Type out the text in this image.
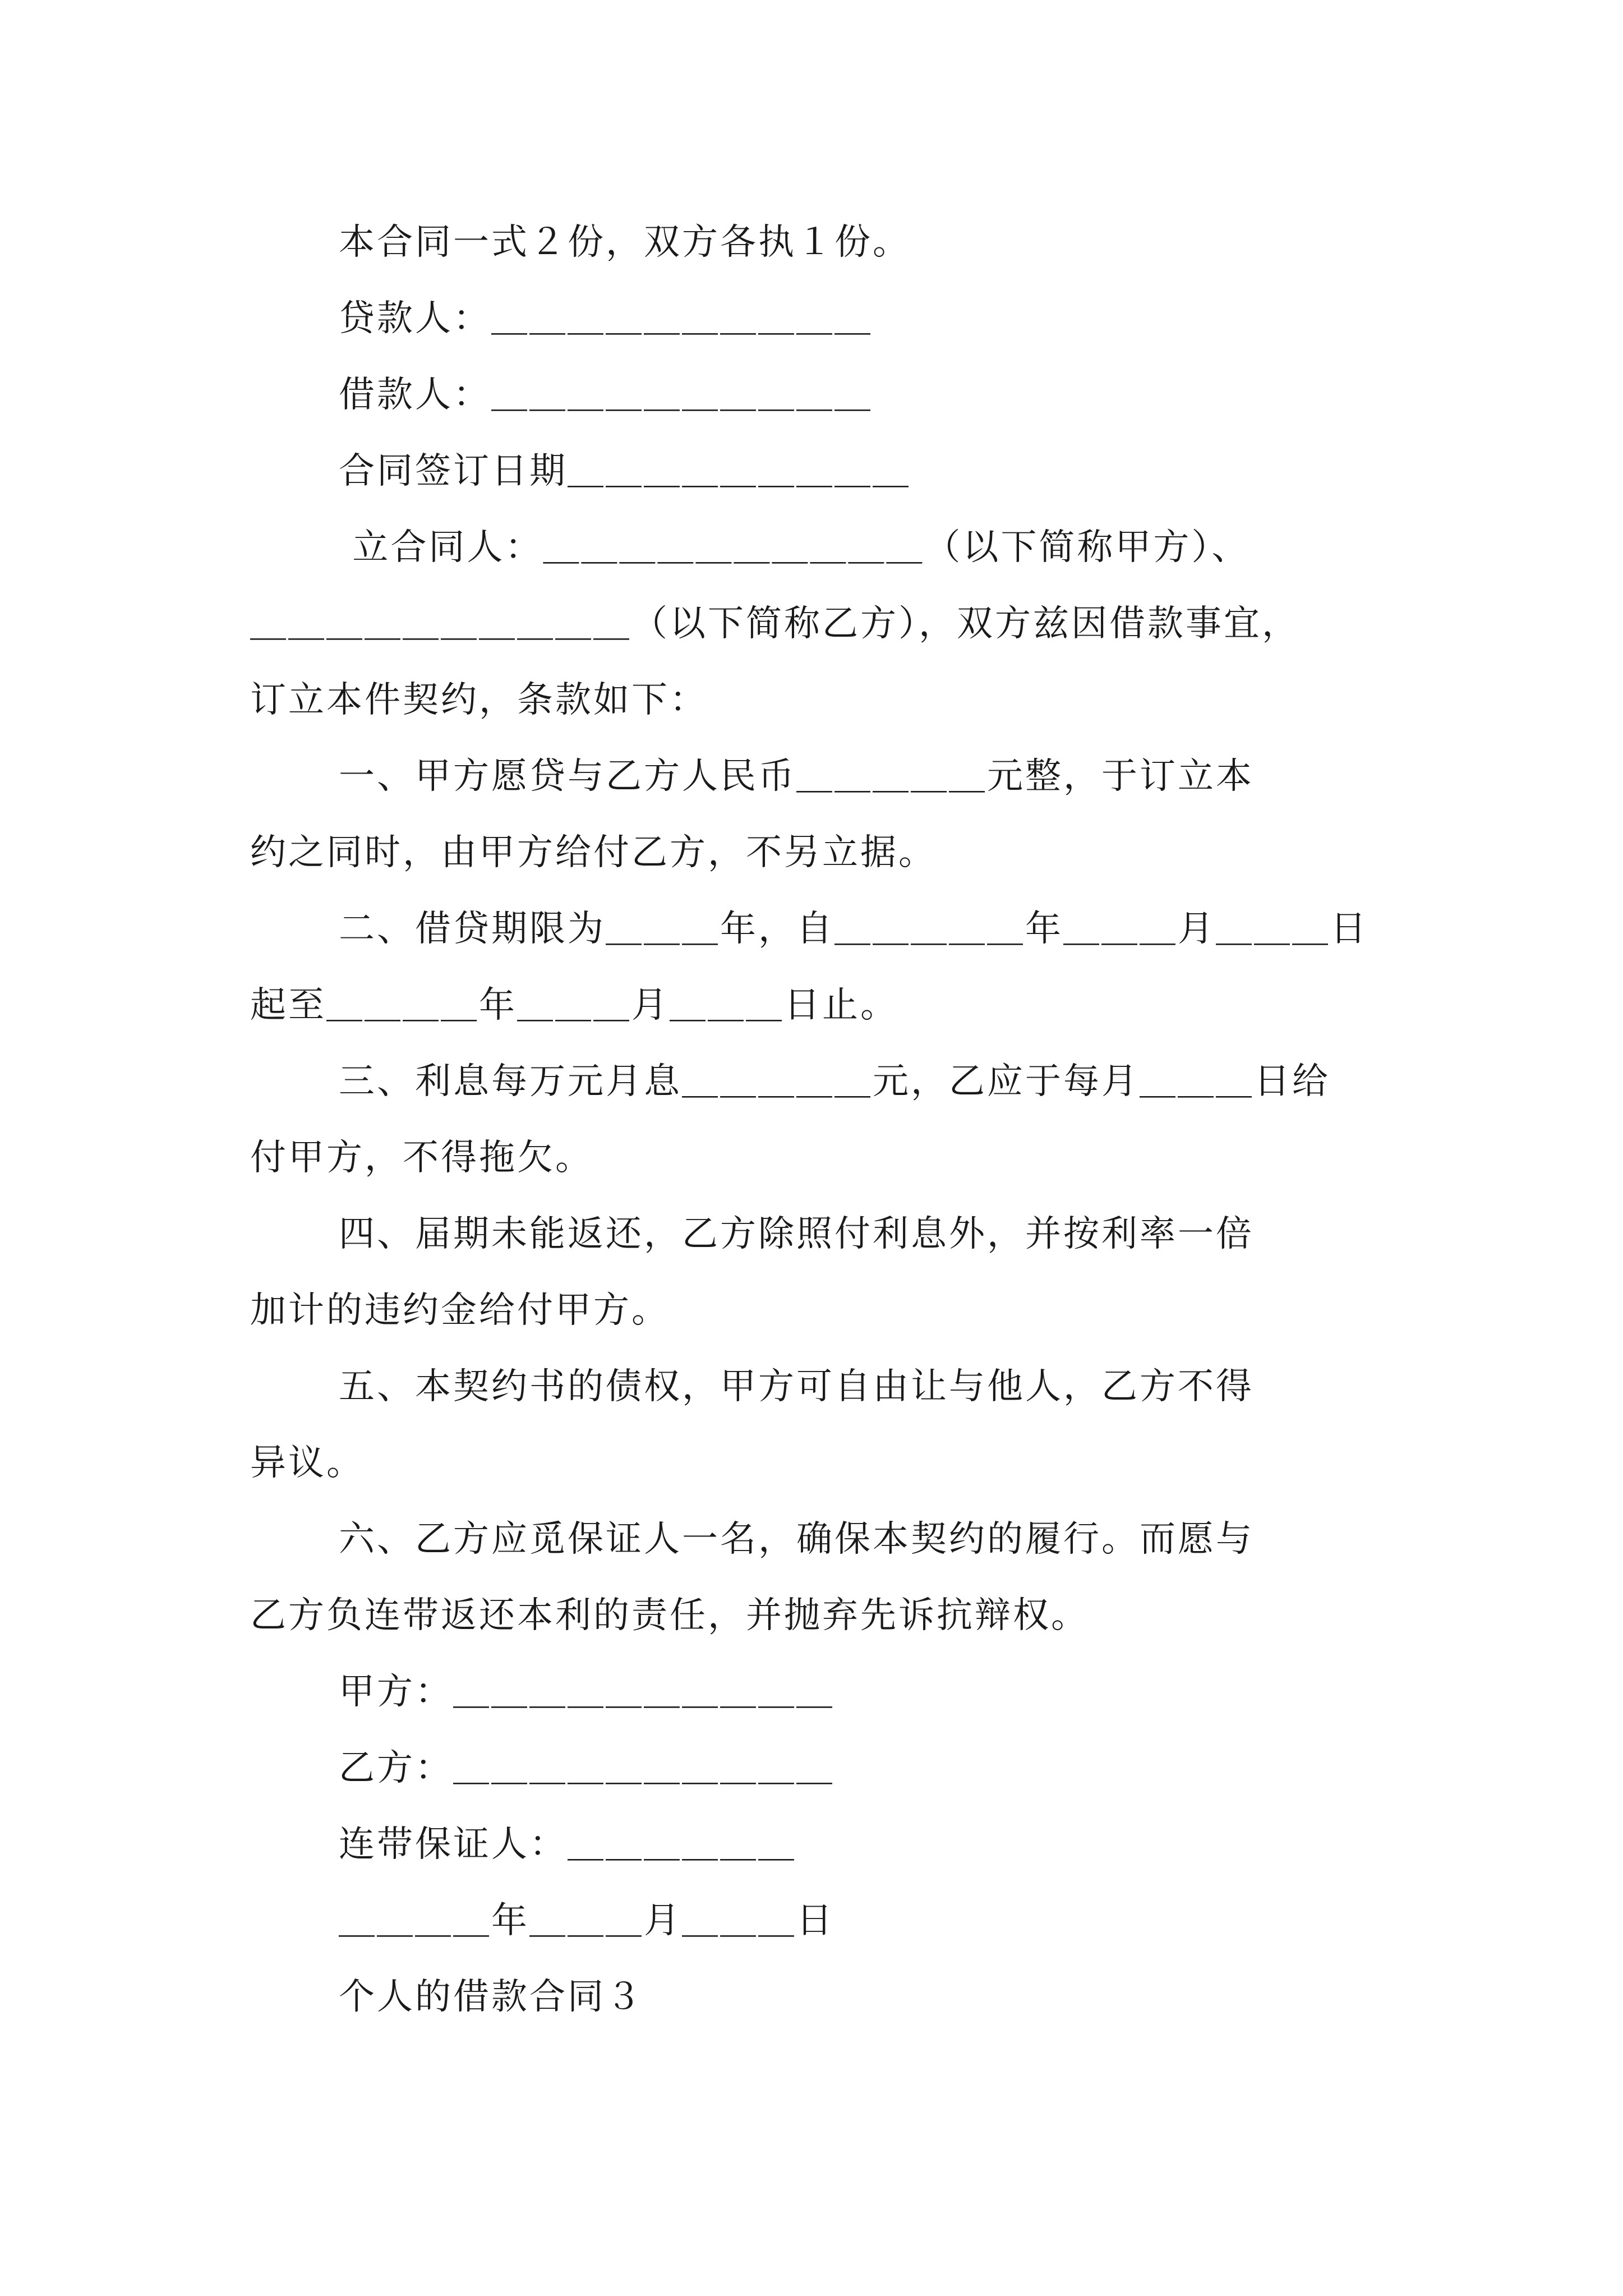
本合同一式２份，双方各执１份。
贷款人：＿＿＿＿＿＿＿＿＿＿
借款人：＿＿＿＿＿＿＿＿＿＿
合同签订日期＿＿＿＿＿＿＿＿＿
立合同人：＿＿＿＿＿＿＿＿＿＿（以下简称甲方）、
＿＿＿＿＿＿＿＿＿＿（以下简称乙方），双方兹因借款事宜，
订立本件契约，条款如下：
一、甲方愿贷与乙方人民币＿＿＿＿＿元整，于订立本
约之同时，由甲方给付乙方，不另立据。
二、借贷期限为＿＿＿年，自＿＿＿＿＿年＿＿＿月＿＿＿日
起至＿＿＿＿年＿＿＿月＿＿＿日止。
三、利息每万元月息＿＿＿＿＿元，乙应于每月＿＿＿日给
付甲方，不得拖欠。
四、届期未能返还，乙方除照付利息外，并按利率一倍
加计的违约金给付甲方。
五、本契约书的债权，甲方可自由让与他人，乙方不得
异议。
六、乙方应觅保证人一名，确保本契约的履行。而愿与
乙方负连带返还本利的责任，并抛弃先诉抗辩权。
甲方：＿＿＿＿＿＿＿＿＿＿
乙方：＿＿＿＿＿＿＿＿＿＿
连带保证人：＿＿＿＿＿＿
＿＿＿＿年＿＿＿月＿＿＿日
个人的借款合同３
